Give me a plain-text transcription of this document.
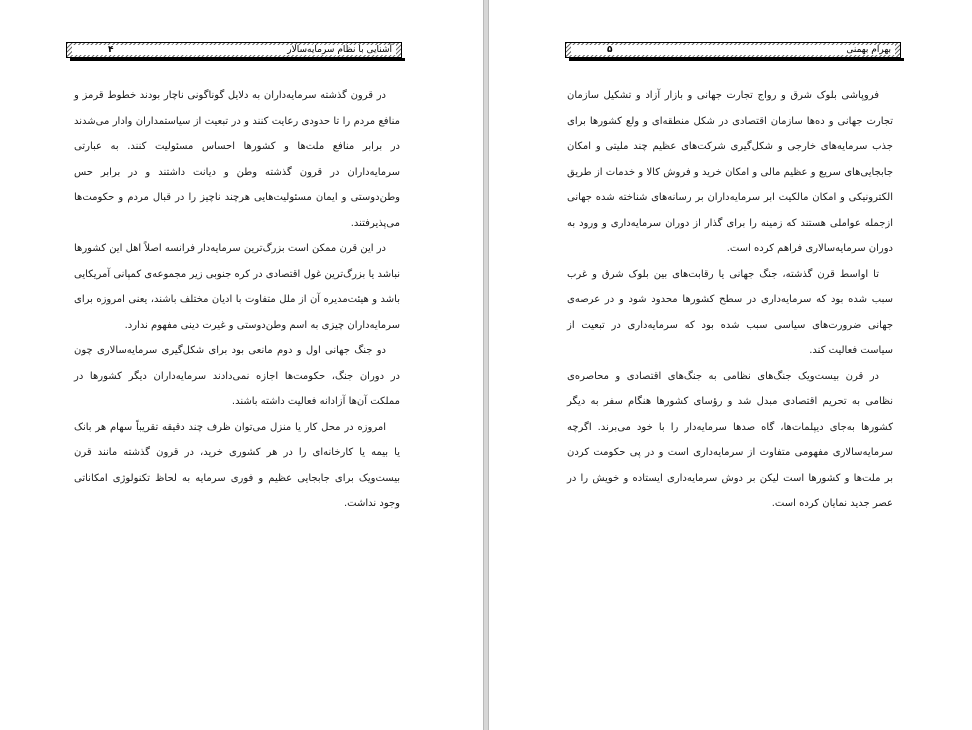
آشنایی با نظام سرمایه‌سالار
۴

در قرون گذشته سرمایه‌داران به دلایل گوناگونی ناچار بودند خطوط قرمز و منافع مردم را تا حدودی رعایت کنند و در تبعیت از سیاستمداران وادار می‌شدند در برابر منافع ملت‌ها و کشورها احساس مسئولیت کنند. به عبارتی سرمایه‌داران در قرون گذشته وطن و دیانت داشتند و در برابر حس وطن‌دوستی و ایمان مسئولیت‌هایی هرچند ناچیز را در قبال مردم و حکومت‌ها می‌پذیرفتند.

در این قرن ممکن است بزرگ‌ترین سرمایه‌دار فرانسه اصلاً اهل این کشورها نباشد یا بزرگ‌ترین غول اقتصادی در کره جنوبی زیر مجموعه‌ی کمپانی آمریکایی باشد و هیئت‌مدیره آن از ملل متفاوت با ادیان مختلف باشند، یعنی امروزه برای سرمایه‌داران چیزی به اسم وطن‌دوستی و غیرت دینی مفهوم ندارد.

دو جنگ جهانی اول و دوم مانعی بود برای شکل‌گیری سرمایه‌سالاری چون در دوران جنگ، حکومت‌ها اجازه نمی‌دادند سرمایه‌داران دیگر کشورها در مملکت آن‌ها آزادانه فعالیت داشته باشند.

امروزه در محل کار یا منزل می‌توان ظرف چند دقیقه تقریباً سهام هر بانک یا بیمه یا کارخانه‌ای را در هر کشوری خرید، در قرون گذشته مانند قرن بیست‌ویک برای جابجایی عظیم و فوری سرمایه به لحاظ تکنولوژی امکاناتی وجود نداشت.

بهرام بهمنی
۵

فروپاشی بلوک شرق و رواج تجارت جهانی و بازار آزاد و تشکیل سازمان تجارت جهانی و ده‌ها سازمان اقتصادی در شکل منطقه‌ای و ولع کشورها برای جذب سرمایه‌های خارجی و شکل‌گیری شرکت‌های عظیم چند ملیتی و امکان جابجایی‌های سریع و عظیم مالی و امکان خرید و فروش کالا و خدمات از طریق الکترونیکی و امکان مالکیت ابر سرمایه‌داران بر رسانه‌های شناخته شده جهانی ازجمله عواملی هستند که زمینه را برای گذار از دوران سرمایه‌داری و ورود به دوران سرمایه‌سالاری فراهم کرده است.

تا اواسط قرن گذشته، جنگ جهانی یا رقابت‌های بین بلوک شرق و غرب سبب شده بود که سرمایه‌داری در سطح کشورها محدود شود و در عرصه‌ی جهانی ضرورت‌های سیاسی سبب شده بود که سرمایه‌داری در تبعیت از سیاست فعالیت کند.

در قرن بیست‌ویک جنگ‌های نظامی به جنگ‌های اقتصادی و محاصره‌ی نظامی به تحریم اقتصادی مبدل شد و رؤسای کشورها هنگام سفر به دیگر کشورها به‌جای دیپلمات‌ها، گاه صدها سرمایه‌دار را با خود می‌برند. اگرچه سرمایه‌سالاری مفهومی متفاوت از سرمایه‌داری است و در پی حکومت کردن بر ملت‌ها و کشورها است لیکن بر دوش سرمایه‌داری ایستاده و خویش را در عصر جدید نمایان کرده است.
